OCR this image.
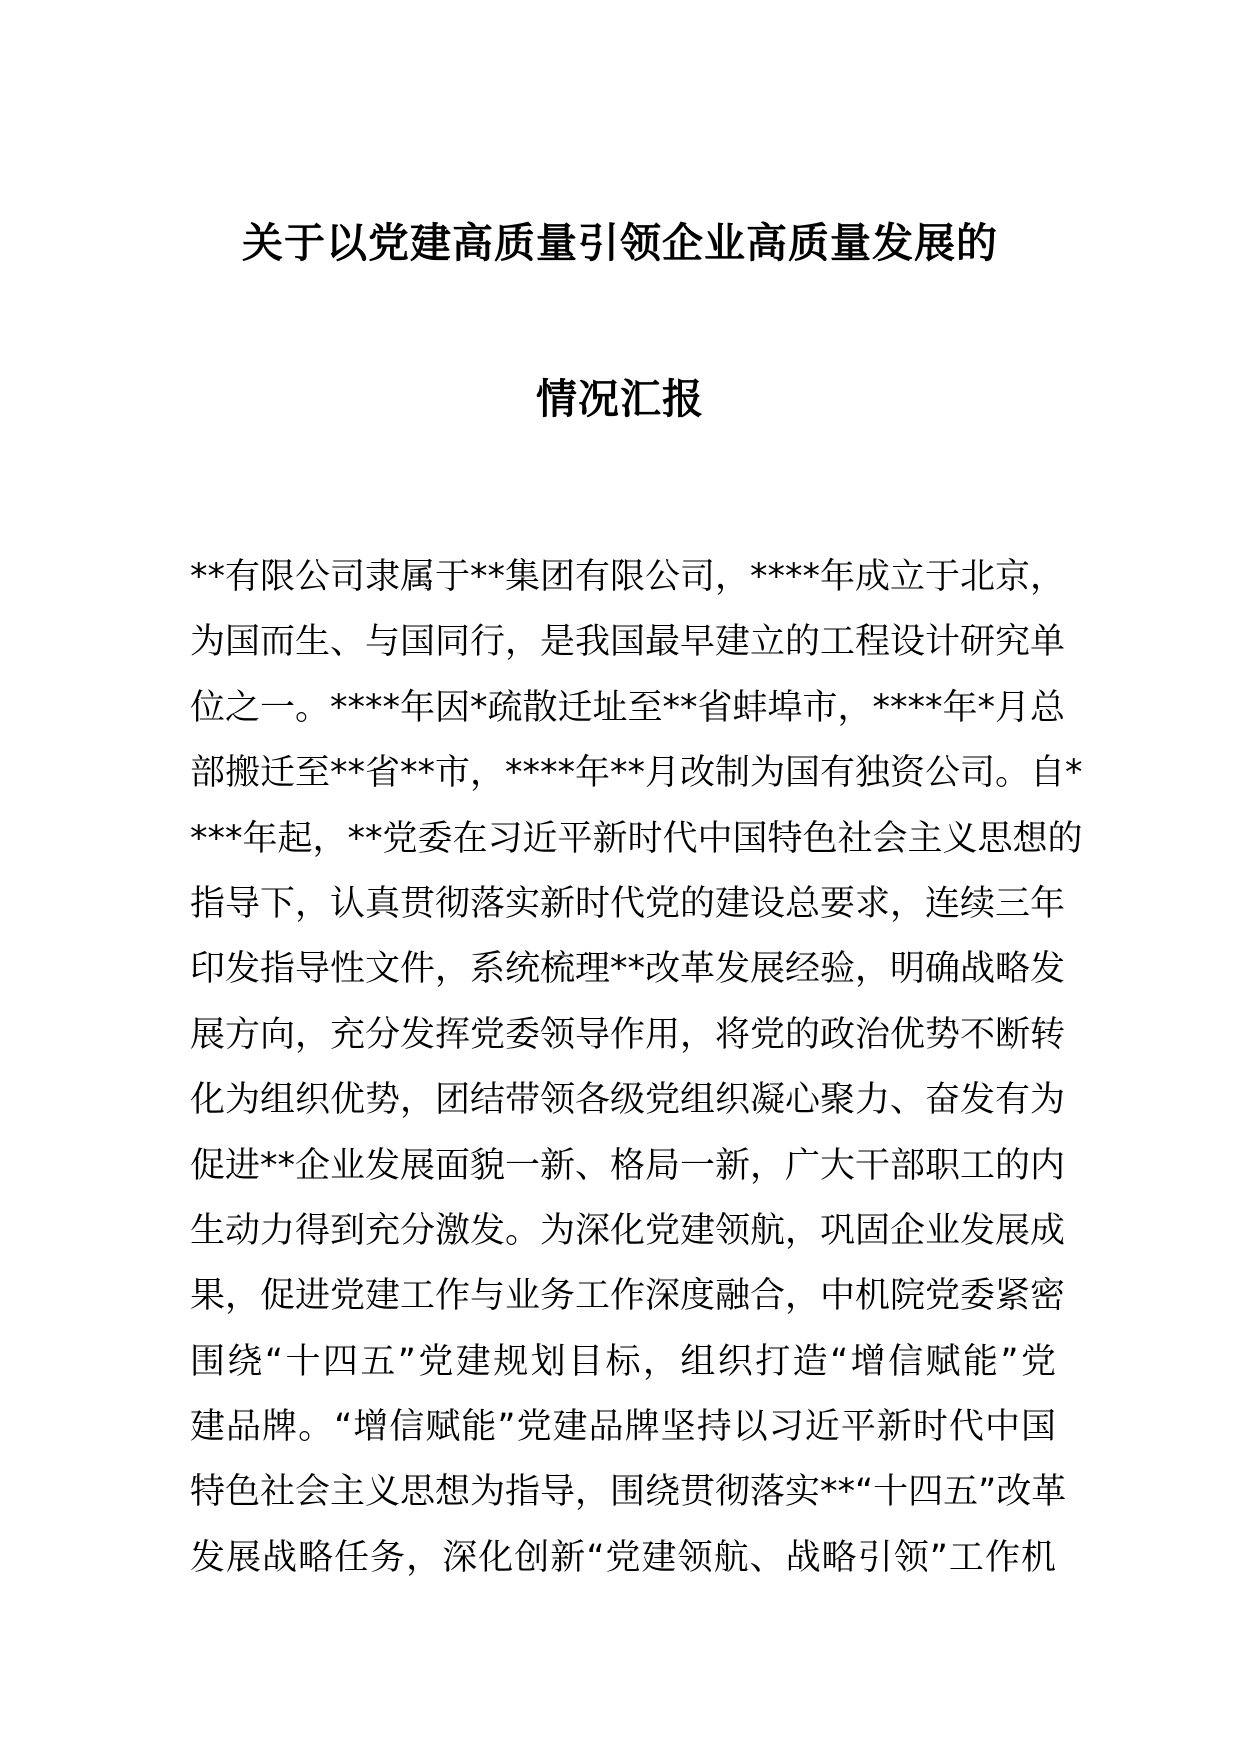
关于以党建高质量引领企业高质量发展的
情况汇报
**有限公司隶属于**集团有限公司，****年成立于北京，
为国而生、与国同行，是我国最早建立的工程设计研究单
位之一。****年因*疏散迁址至**省蚌埠市，****年*月总
部搬迁至**省**市，****年**月改制为国有独资公司。自*
***年起，**党委在习近平新时代中国特色社会主义思想的
指导下，认真贯彻落实新时代党的建设总要求，连续三年
印发指导性文件，系统梳理**改革发展经验，明确战略发
展方向，充分发挥党委领导作用，将党的政治优势不断转
化为组织优势，团结带领各级党组织凝心聚力、奋发有为
促进**企业发展面貌一新、格局一新，广大干部职工的内
生动力得到充分激发。为深化党建领航，巩固企业发展成
果，促进党建工作与业务工作深度融合，中机院党委紧密
围绕“十四五”党建规划目标，组织打造“增信赋能”党
建品牌。“增信赋能”党建品牌坚持以习近平新时代中国
特色社会主义思想为指导，围绕贯彻落实**“十四五”改革
发展战略任务，深化创新“党建领航、战略引领”工作机
